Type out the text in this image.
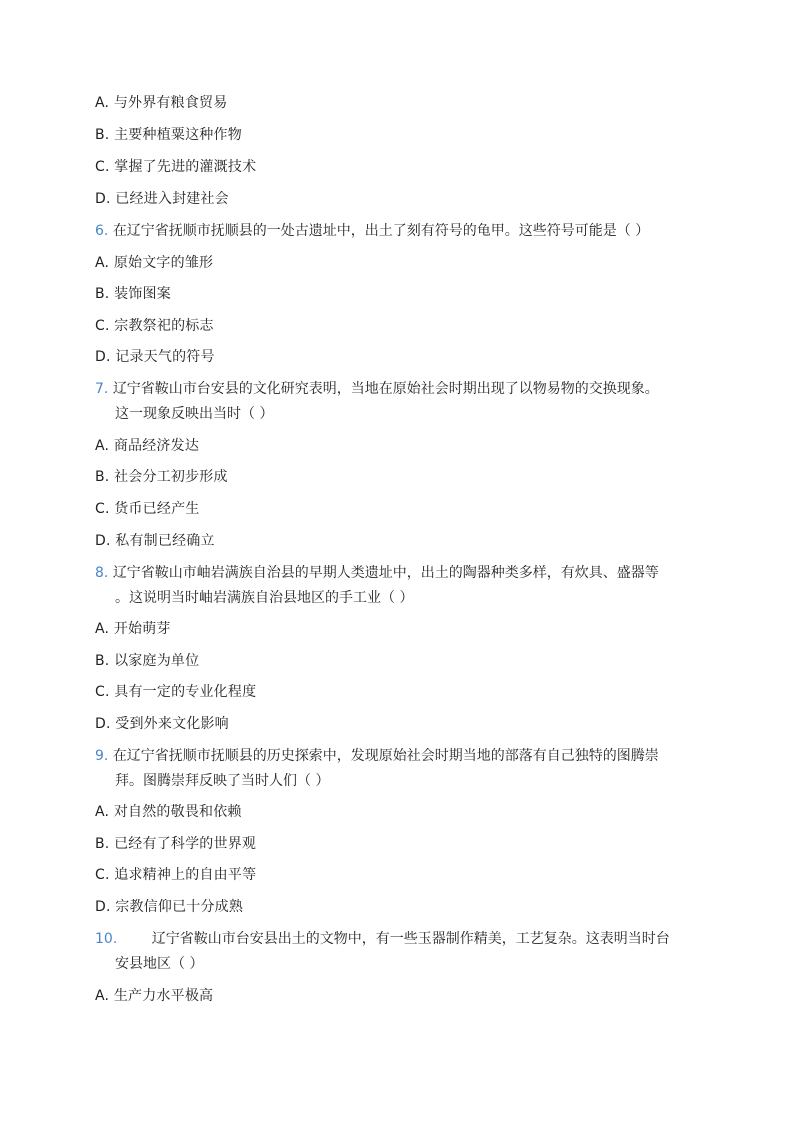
A. 与外界有粮食贸易
B. 主要种植粟这种作物
C. 掌握了先进的灌溉技术
D. 已经进入封建社会
6. 在辽宁省抚顺市抚顺县的一处古遗址中，出土了刻有符号的龟甲。这些符号可能是（ ）
A. 原始文字的雏形
B. 装饰图案
C. 宗教祭祀的标志
D. 记录天气的符号
7. 辽宁省鞍山市台安县的文化研究表明，当地在原始社会时期出现了以物易物的交换现象。
这一现象反映出当时（ ）
A. 商品经济发达
B. 社会分工初步形成
C. 货币已经产生
D. 私有制已经确立
8. 辽宁省鞍山市岫岩满族自治县的早期人类遗址中，出土的陶器种类多样，有炊具、盛器等
。这说明当时岫岩满族自治县地区的手工业（ ）
A. 开始萌芽
B. 以家庭为单位
C. 具有一定的专业化程度
D. 受到外来文化影响
9. 在辽宁省抚顺市抚顺县的历史探索中，发现原始社会时期当地的部落有自己独特的图腾崇
拜。图腾崇拜反映了当时人们（ ）
A. 对自然的敬畏和依赖
B. 已经有了科学的世界观
C. 追求精神上的自由平等
D. 宗教信仰已十分成熟
10. 辽宁省鞍山市台安县出土的文物中，有一些玉器制作精美，工艺复杂。这表明当时台
安县地区（ ）
A. 生产力水平极高
